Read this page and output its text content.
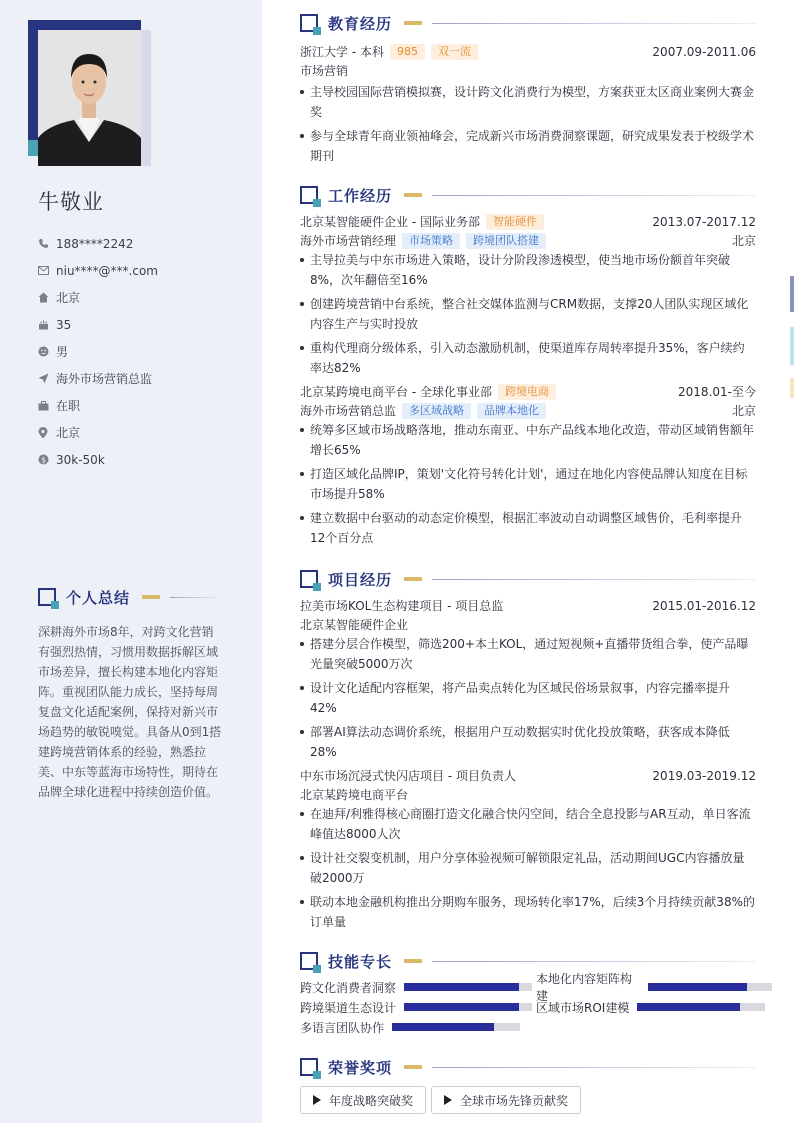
牛敬业
188****2242
niu****@***.com
北京
35
男
海外市场营销总监
在职
北京
$ 30k-50k
个人总结
深耕海外市场8年，对跨文化营销有强烈热情，习惯用数据拆解区域市场差异，擅长构建本地化内容矩阵。重视团队能力成长，坚持每周复盘文化适配案例，保持对新兴市场趋势的敏锐嗅觉。具备从0到1搭建跨境营销体系的经验，熟悉拉美、中东等蓝海市场特性，期待在品牌全球化进程中持续创造价值。
教育经历
浙江大学 - 本科	985	双一流	2007.09-2011.06
市场营销
主导校园国际营销模拟赛，设计跨文化消费行为模型，方案获亚太区商业案例大赛金奖
参与全球青年商业领袖峰会，完成新兴市场消费洞察课题，研究成果发表于校级学术期刊
工作经历
北京某智能硬件企业 - 国际业务部	智能硬件	2013.07-2017.12
海外市场营销经理	市场策略	跨境团队搭建	北京
主导拉美与中东市场进入策略，设计分阶段渗透模型，使当地市场份额首年突破8%，次年翻倍至16%
创建跨境营销中台系统，整合社交媒体监测与CRM数据，支撑20人团队实现区域化内容生产与实时投放
重构代理商分级体系，引入动态激励机制，使渠道库存周转率提升35%，客户续约率达82%
北京某跨境电商平台 - 全球化事业部	跨境电商	2018.01-至今
海外市场营销总监	多区域战略	品牌本地化	北京
统筹多区域市场战略落地，推动东南亚、中东产品线本地化改造，带动区域销售额年增长65%
打造区域化品牌IP，策划'文化符号转化计划'，通过在地化内容使品牌认知度在目标市场提升58%
建立数据中台驱动的动态定价模型，根据汇率波动自动调整区域售价，毛利率提升12个百分点
项目经历
拉美市场KOL生态构建项目 - 项目总监	2015.01-2016.12
北京某智能硬件企业
搭建分层合作模型，筛选200+本土KOL，通过短视频+直播带货组合拳，使产品曝光量突破5000万次
设计文化适配内容框架，将产品卖点转化为区域民俗场景叙事，内容完播率提升42%
部署AI算法动态调价系统，根据用户互动数据实时优化投放策略，获客成本降低28%
中东市场沉浸式快闪店项目 - 项目负责人	2019.03-2019.12
北京某跨境电商平台
在迪拜/利雅得核心商圈打造文化融合快闪空间，结合全息投影与AR互动，单日客流峰值达8000人次
设计社交裂变机制，用户分享体验视频可解锁限定礼品，活动期间UGC内容播放量破2000万
联动本地金融机构推出分期购车服务，现场转化率17%，后续3个月持续贡献38%的订单量
技能专长
跨文化消费者洞察
本地化内容矩阵构建
跨境渠道生态设计	区域市场ROI建模
多语言团队协作
荣誉奖项
年度战略突破奖	全球市场先锋贡献奖
